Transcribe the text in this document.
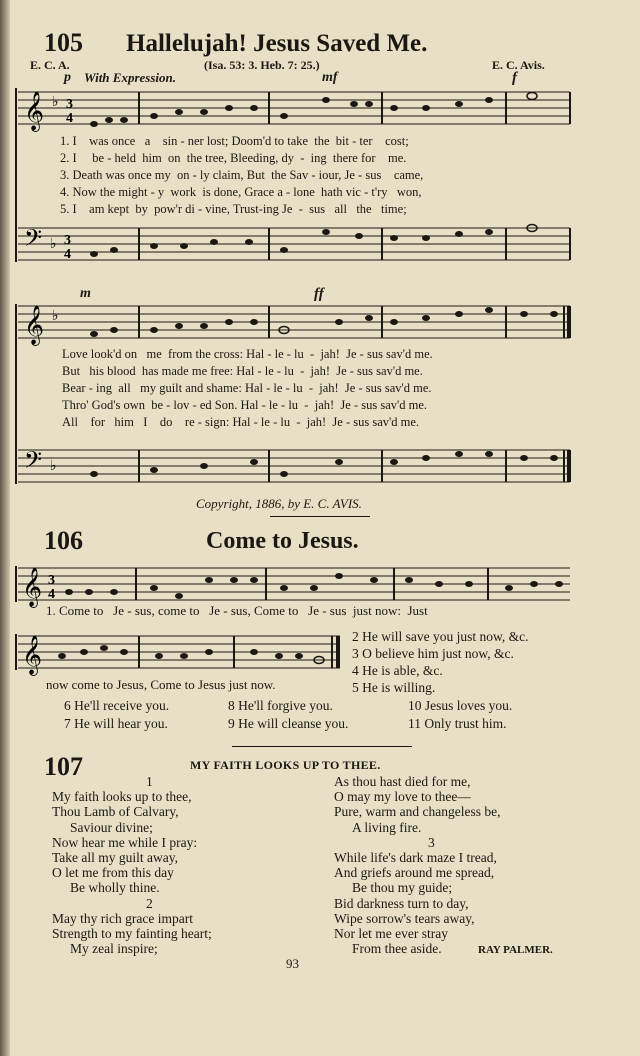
105 Hallelujah! Jesus Saved Me.
E. C. A.	(Isa. 53: 3. Heb. 7: 25.)	E. C. Avis.
p With Expression.	mf	f
𝄞 ♭ 3
4
𝄢 ♭ 3
4
1. I    was once   a    sin - ner lost; Doom'd to take  the  bit - ter    cost;
2. I     be - held  him  on  the tree, Bleeding, dy  -  ing  there for    me.
3. Death was once my  on - ly claim, But  the Sav - iour, Je - sus    came,
4. Now the might - y  work  is done, Grace a - lone  hath vic - t'ry   won,
5. I    am kept  by  pow'r di - vine, Trust-ing Je  -  sus   all   the   time;
m	ff
𝄞 ♭
𝄢 ♭
Love look'd on   me  from the cross: Hal - le - lu  -  jah!  Je - sus sav'd me.
But   his blood  has made me free: Hal - le - lu  -  jah!  Je - sus sav'd me.
Bear - ing  all   my guilt and shame: Hal - le - lu  -  jah!  Je - sus sav'd me.
Thro' God's own  be - lov - ed Son. Hal - le - lu  -  jah!  Je - sus sav'd me.
All    for   him   I    do    re - sign: Hal - le - lu  -  jah!  Je - sus sav'd me.
Copyright, 1886, by E. C. AVIS.
106	Come to Jesus.
𝄞 3
4
1. Come to   Je - sus, come to   Je - sus, Come to   Je - sus  just now:  Just
𝄞
now come to Jesus, Come to Jesus just now.
2 He will save you just now, &c.
3 O believe him just now, &c.
4 He is able, &c.
5 He is willing.
6 He'll receive you.	8 He'll forgive you.	10 Jesus loves you.
7 He will hear you.	9 He will cleanse you.	11 Only trust him.
107	MY FAITH LOOKS UP TO THEE.
1
My faith looks up to thee,
Thou Lamb of Calvary,
Saviour divine;
Now hear me while I pray:
Take all my guilt away,
O let me from this day
Be wholly thine.
2
May thy rich grace impart
Strength to my fainting heart;
My zeal inspire;
As thou hast died for me,
O may my love to thee—
Pure, warm and changeless be,
A living fire.
3
While life's dark maze I tread,
And griefs around me spread,
Be thou my guide;
Bid darkness turn to day,
Wipe sorrow's tears away,
Nor let me ever stray
From thee aside.	RAY PALMER.
93
